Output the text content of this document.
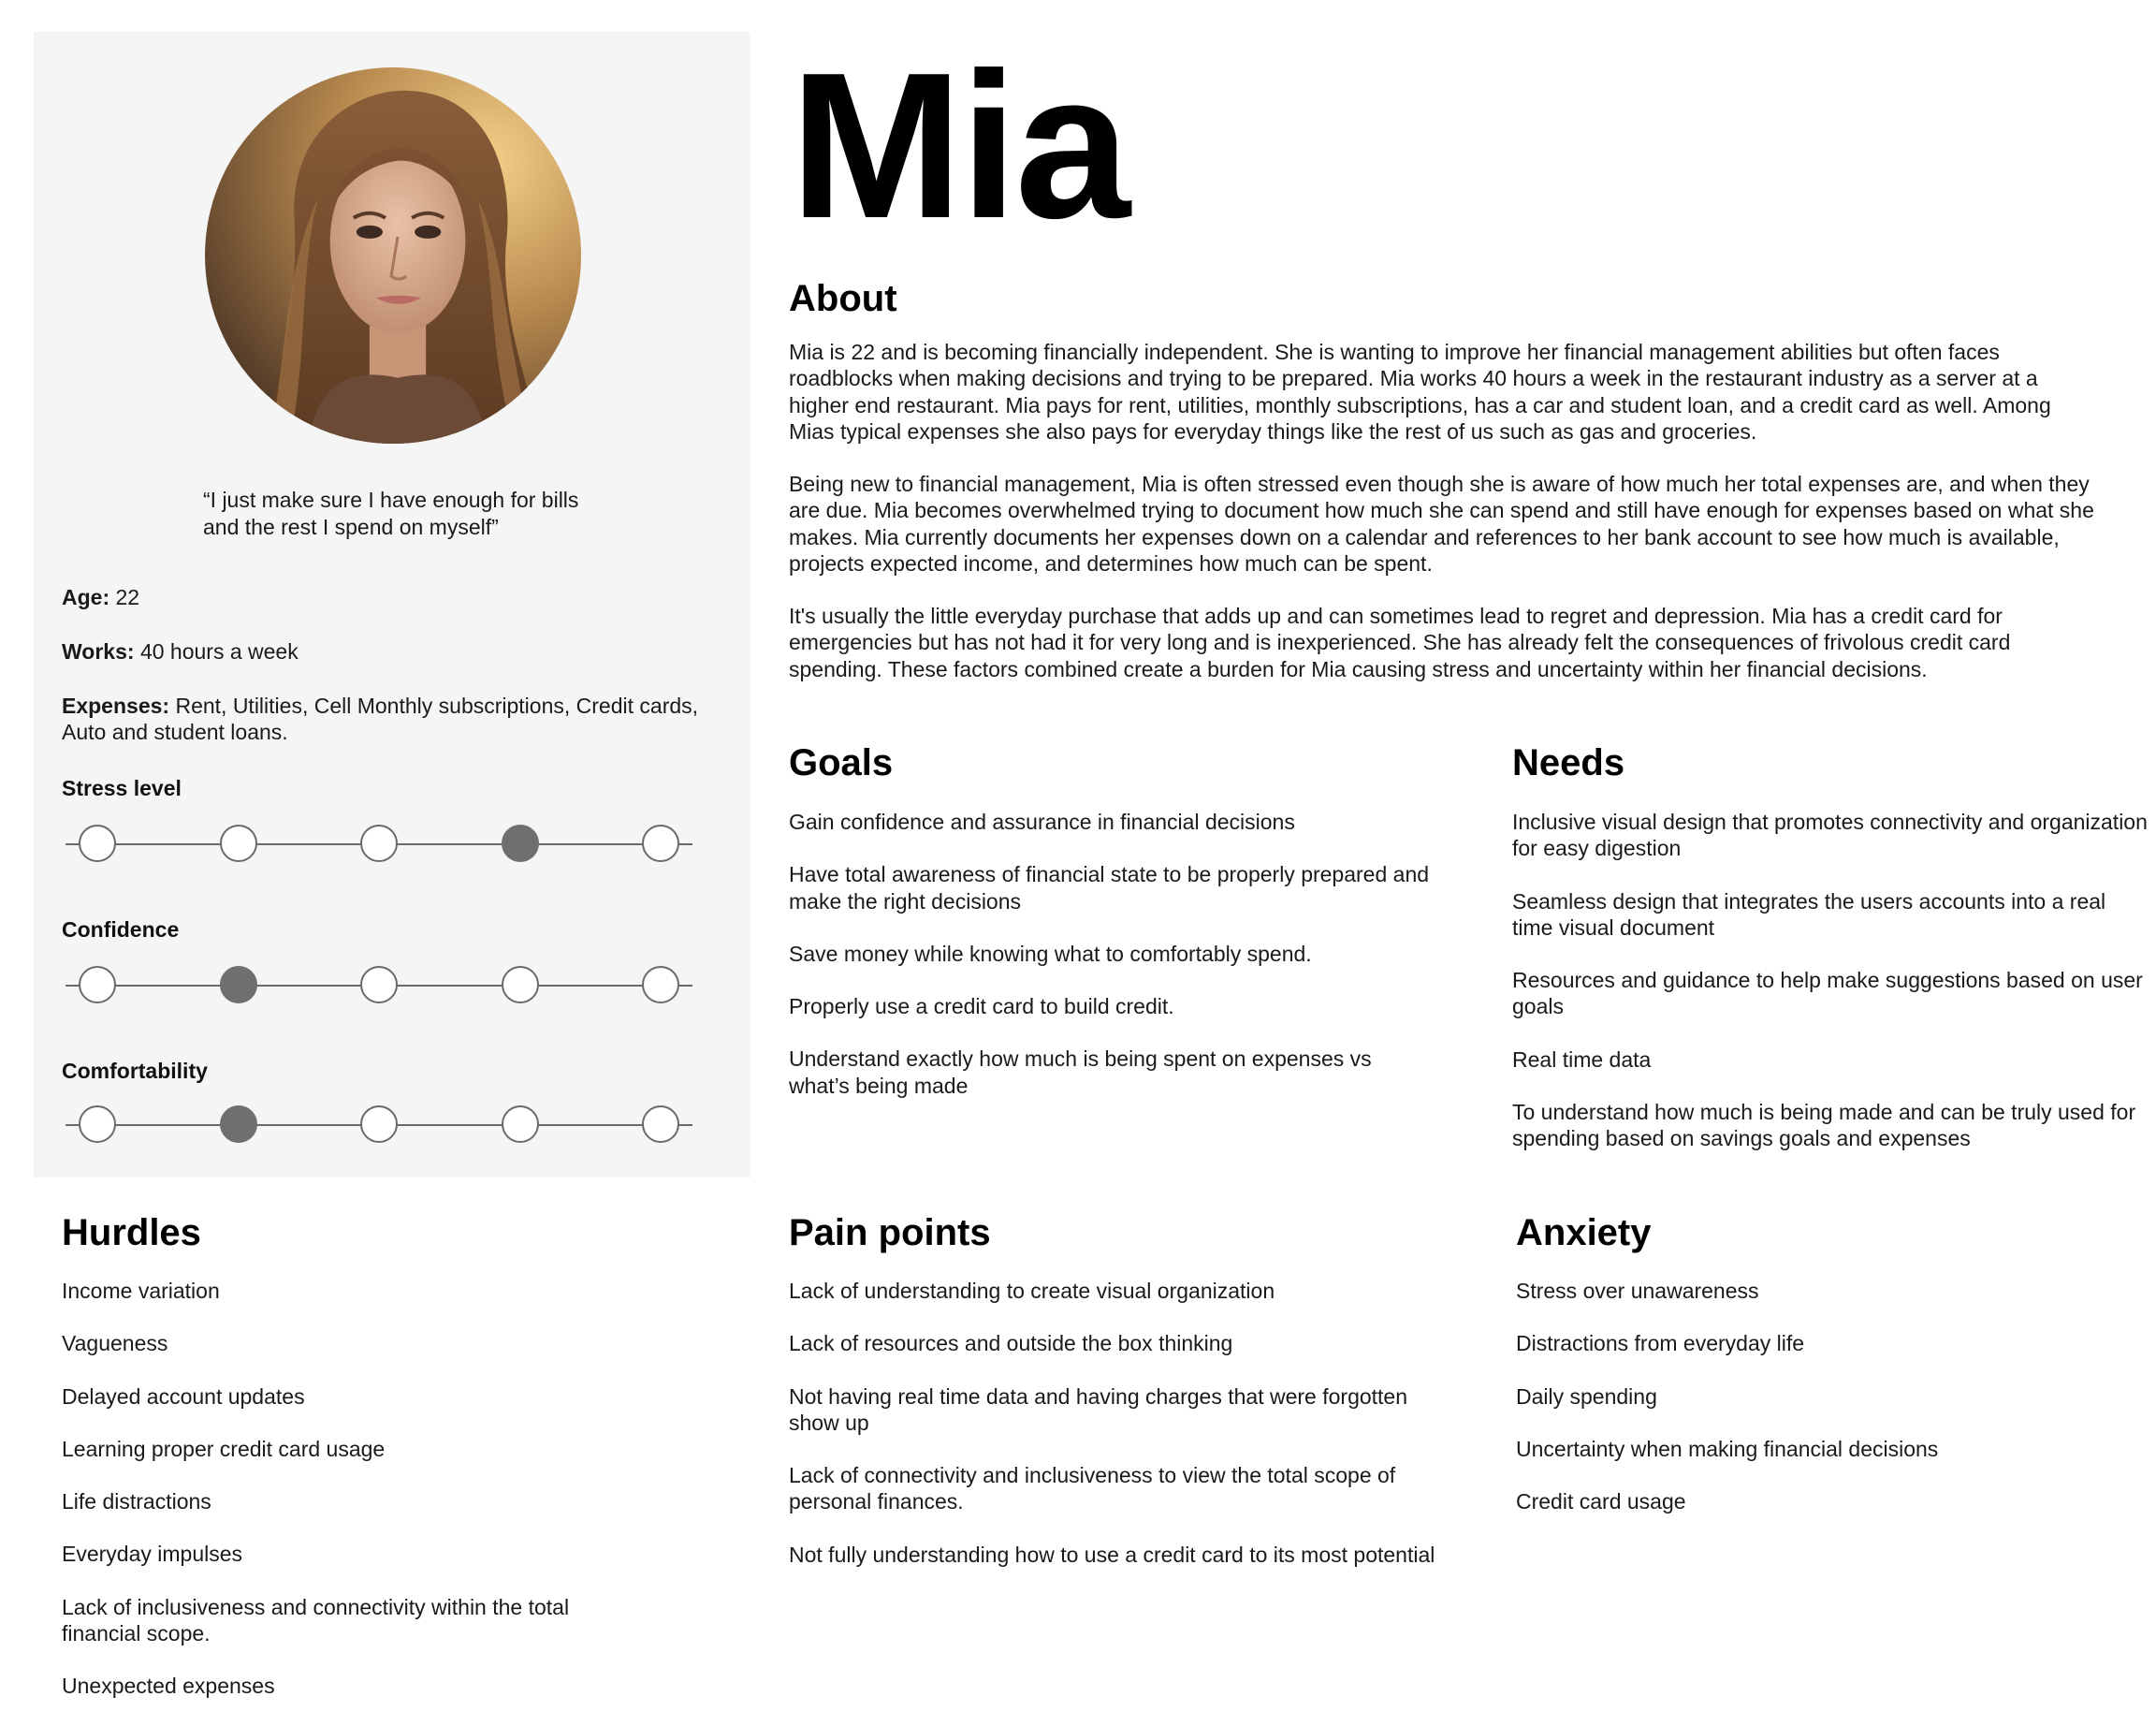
“I just make sure I have enough for bills and the rest I spend on myself”
Age: 22
Works: 40 hours a week
Expenses: Rent, Utilities, Cell Monthly subscriptions, Credit cards, Auto and student loans.
Stress level
Confidence
Comfortability
Mia
About

Mia is 22 and is becoming financially independent. She is wanting to improve her financial management abilities but often faces roadblocks when making decisions and trying to be prepared. Mia works 40 hours a week in the restaurant industry as a server at a higher end restaurant. Mia pays for rent, utilities, monthly subscriptions, has a car and student loan, and a credit card as well. Among Mias typical expenses she also pays for everyday things like the rest of us such as gas and groceries.

Being new to financial management, Mia is often stressed even though she is aware of how much her total expenses are, and when they are due. Mia becomes overwhelmed trying to document how much she can spend and still have enough for expenses based on what she makes. Mia currently documents her expenses down on a calendar and references to her bank account to see how much is available, projects expected income, and determines how much can be spent.

It's usually the little everyday purchase that adds up and can sometimes lead to regret and depression. Mia has a credit card for emergencies but has not had it for very long and is inexperienced. She has already felt the consequences of frivolous credit card spending. These factors combined create a burden for Mia causing stress and uncertainty within her financial decisions.

Goals
Gain confidence and assurance in financial decisions
Have total awareness of financial state to be properly prepared and make the right decisions
Save money while knowing what to comfortably spend.
Properly use a credit card to build credit.
Understand exactly how much is being spent on expenses vs what’s being made
Needs
Inclusive visual design that promotes connectivity and organization for easy digestion
Seamless design that integrates the users accounts into a real time visual document
Resources and guidance to help make suggestions based on user goals
Real time data
To understand how much is being made and can be truly used for spending based on savings goals and expenses
Hurdles
Income variation
Vagueness
Delayed account updates
Learning proper credit card usage
Life distractions
Everyday impulses
Lack of inclusiveness and connectivity within the total financial scope.
Unexpected expenses
Pain points
Lack of understanding to create visual organization
Lack of resources and outside the box thinking
Not having real time data and having charges that were forgotten show up
Lack of connectivity and inclusiveness to view the total scope of personal finances.
Not fully understanding how to use a credit card to its most potential
Anxiety
Stress over unawareness
Distractions from everyday life
Daily spending
Uncertainty when making financial decisions
Credit card usage
